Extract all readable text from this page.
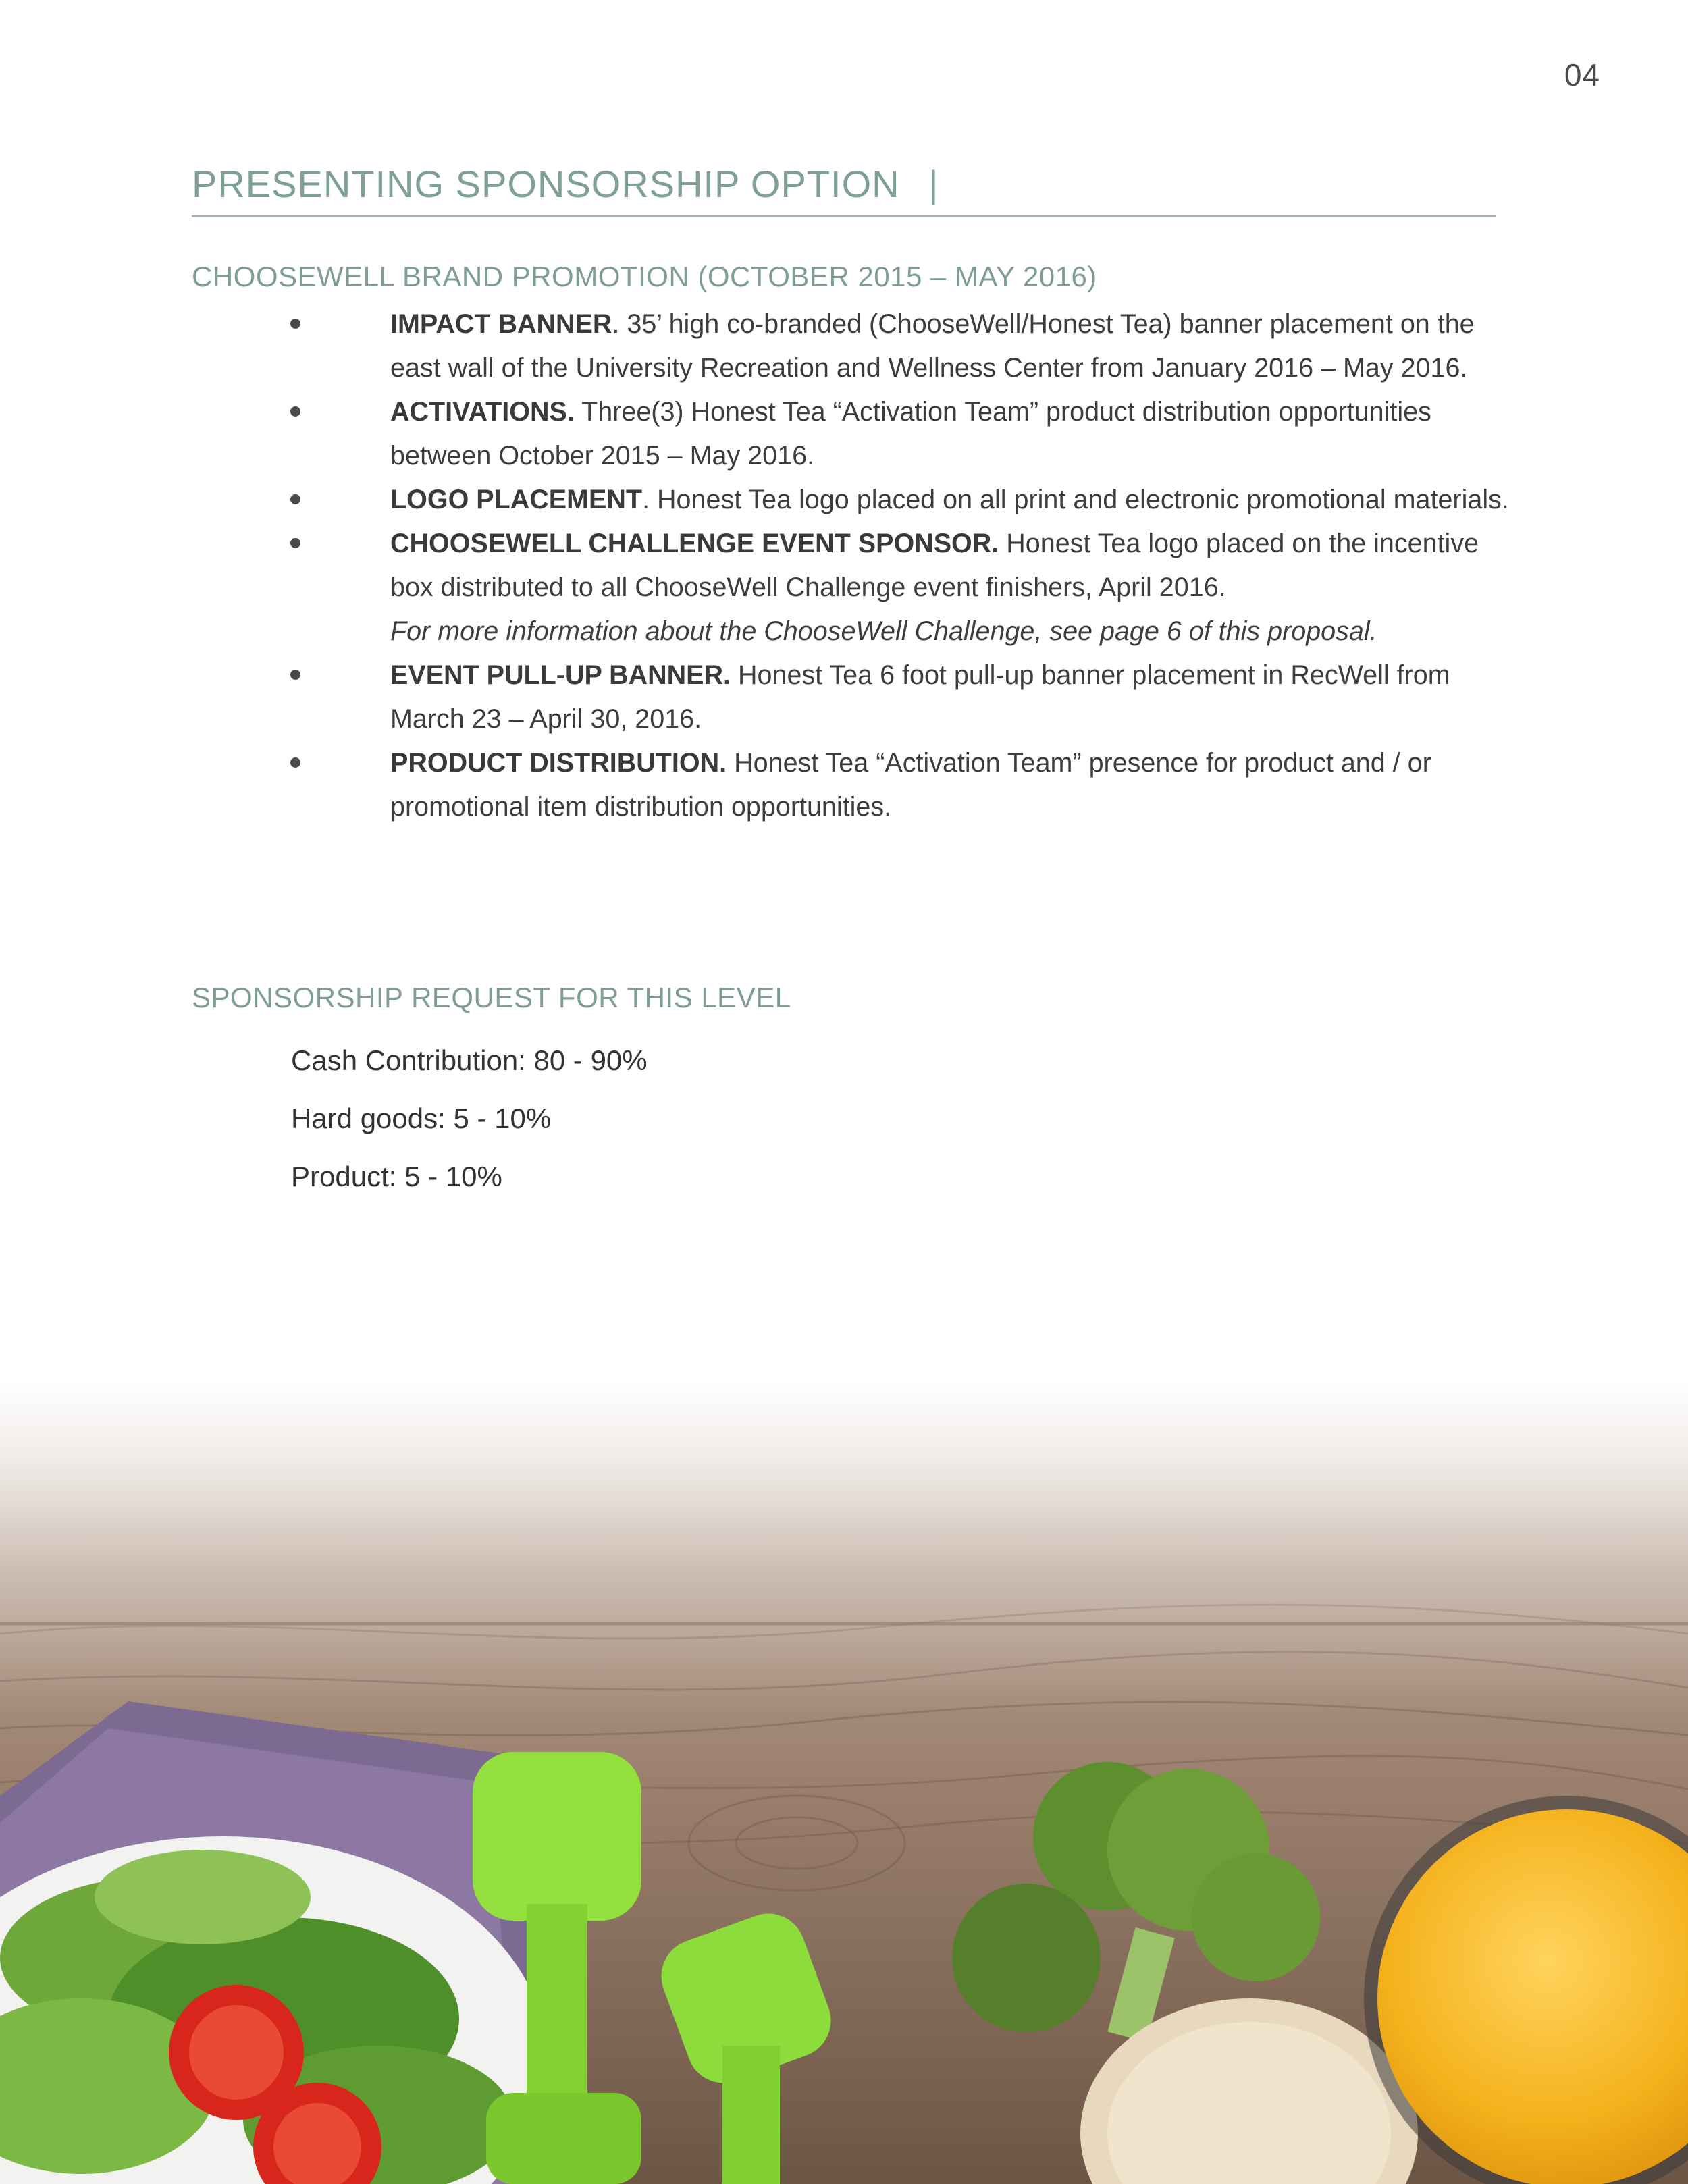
04
PRESENTING SPONSORSHIP OPTION |
CHOOSEWELL BRAND PROMOTION (OCTOBER 2015 – MAY 2016)
IMPACT BANNER. 35’ high co-branded (ChooseWell/Honest Tea) banner placement on the east wall of the University Recreation and Wellness Center from January 2016 – May 2016.
ACTIVATIONS. Three(3) Honest Tea “Activation Team” product distribution opportunities between October 2015 – May 2016.
LOGO PLACEMENT. Honest Tea logo placed on all print and electronic promotional materials.
CHOOSEWELL CHALLENGE EVENT SPONSOR. Honest Tea logo placed on the incentive box distributed to all ChooseWell Challenge event finishers, April 2016.
For more information about the ChooseWell Challenge, see page 6 of this proposal.
EVENT PULL-UP BANNER. Honest Tea 6 foot pull-up banner placement in RecWell from March 23 – April 30, 2016.
PRODUCT DISTRIBUTION. Honest Tea “Activation Team” presence for product and / or promotional item distribution opportunities.
SPONSORSHIP REQUEST FOR THIS LEVEL
Cash Contribution: 80 - 90%
Hard goods: 5 - 10%
Product: 5 - 10%
